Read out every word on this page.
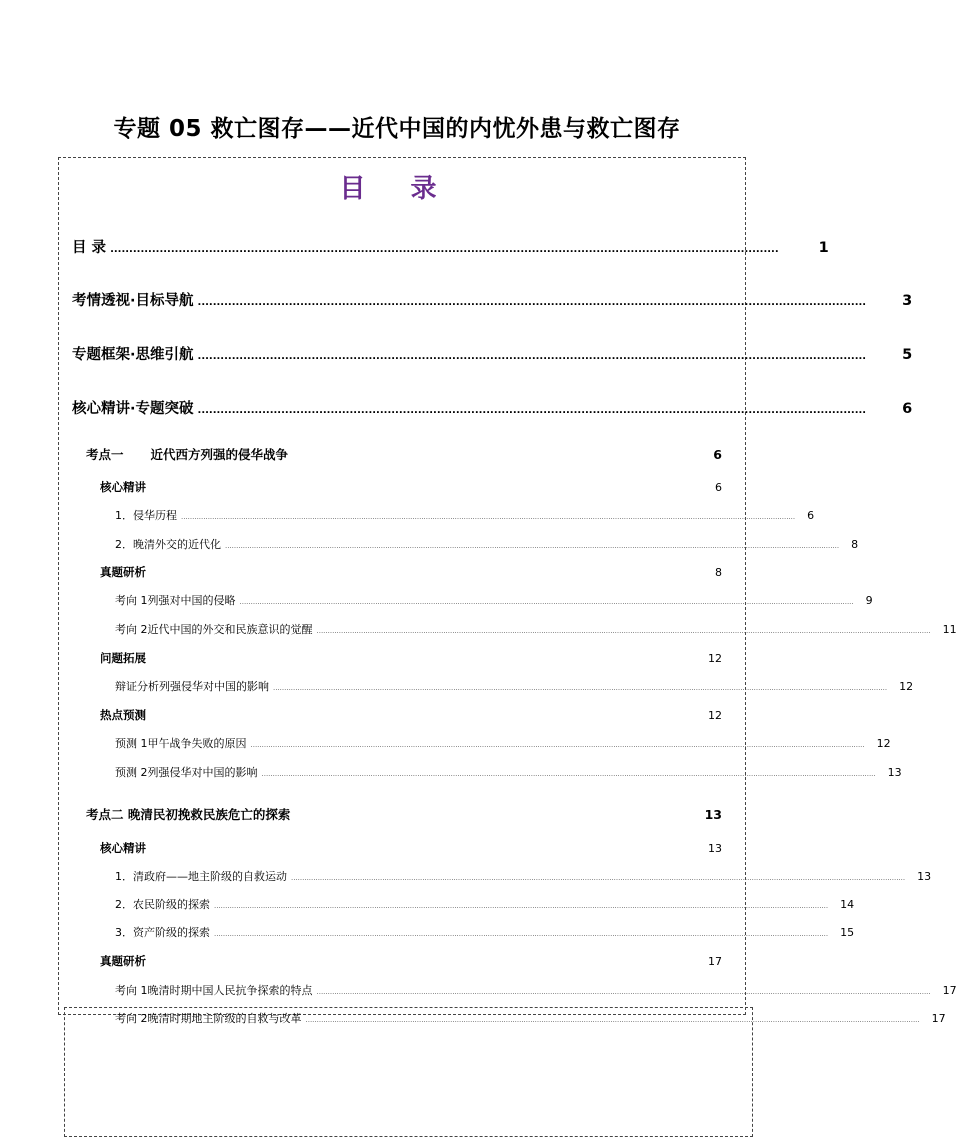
专题 05 救亡图存——近代中国的内忧外患与救亡图存
目 录
目 录 ................................................................................................................................................................................	1
考情透视·目标导航 ................................................................................................................................................................................ 3
专题框架·思维引航 ................................................................................................................................................................................ 5
核心精讲·专题突破 ................................................................................................................................................................................ 6
考点一 近代西方列强的侵华战争	6
核心精讲	6
1． 侵华历程 .................................................................................................................................................................................................................................................................................... 6
2． 晚清外交的近代化 .................................................................................................................................................................................................................................................................................... 8
真题研析	8
考向 1 列强对中国的侵略 .................................................................................................................................................................................................................................................................................... 9
考向 2 近代中国的外交和民族意识的觉醒 .................................................................................................................................................................................................................................................................................... 11
问题拓展	12
辩证分析列强侵华对中国的影响 .................................................................................................................................................................................................................................................................................... 12
热点预测	12
预测 1 甲午战争失败的原因 .................................................................................................................................................................................................................................................................................... 12
预测 2 列强侵华对中国的影响 .................................................................................................................................................................................................................................................................................... 13
考点二 晚清民初挽救民族危亡的探索	13
核心精讲	13
1． 清政府——地主阶级的自救运动 .................................................................................................................................................................................................................................................................................... 13
2． 农民阶级的探索 .................................................................................................................................................................................................................................................................................... 14
3． 资产阶级的探索 .................................................................................................................................................................................................................................................................................... 15
真题研析	17
考向 1 晚清时期中国人民抗争探索的特点 .................................................................................................................................................................................................................................................................................... 17
考向 2 晚清时期地主阶级的自救与改革 .................................................................................................................................................................................................................................................................................... 17
